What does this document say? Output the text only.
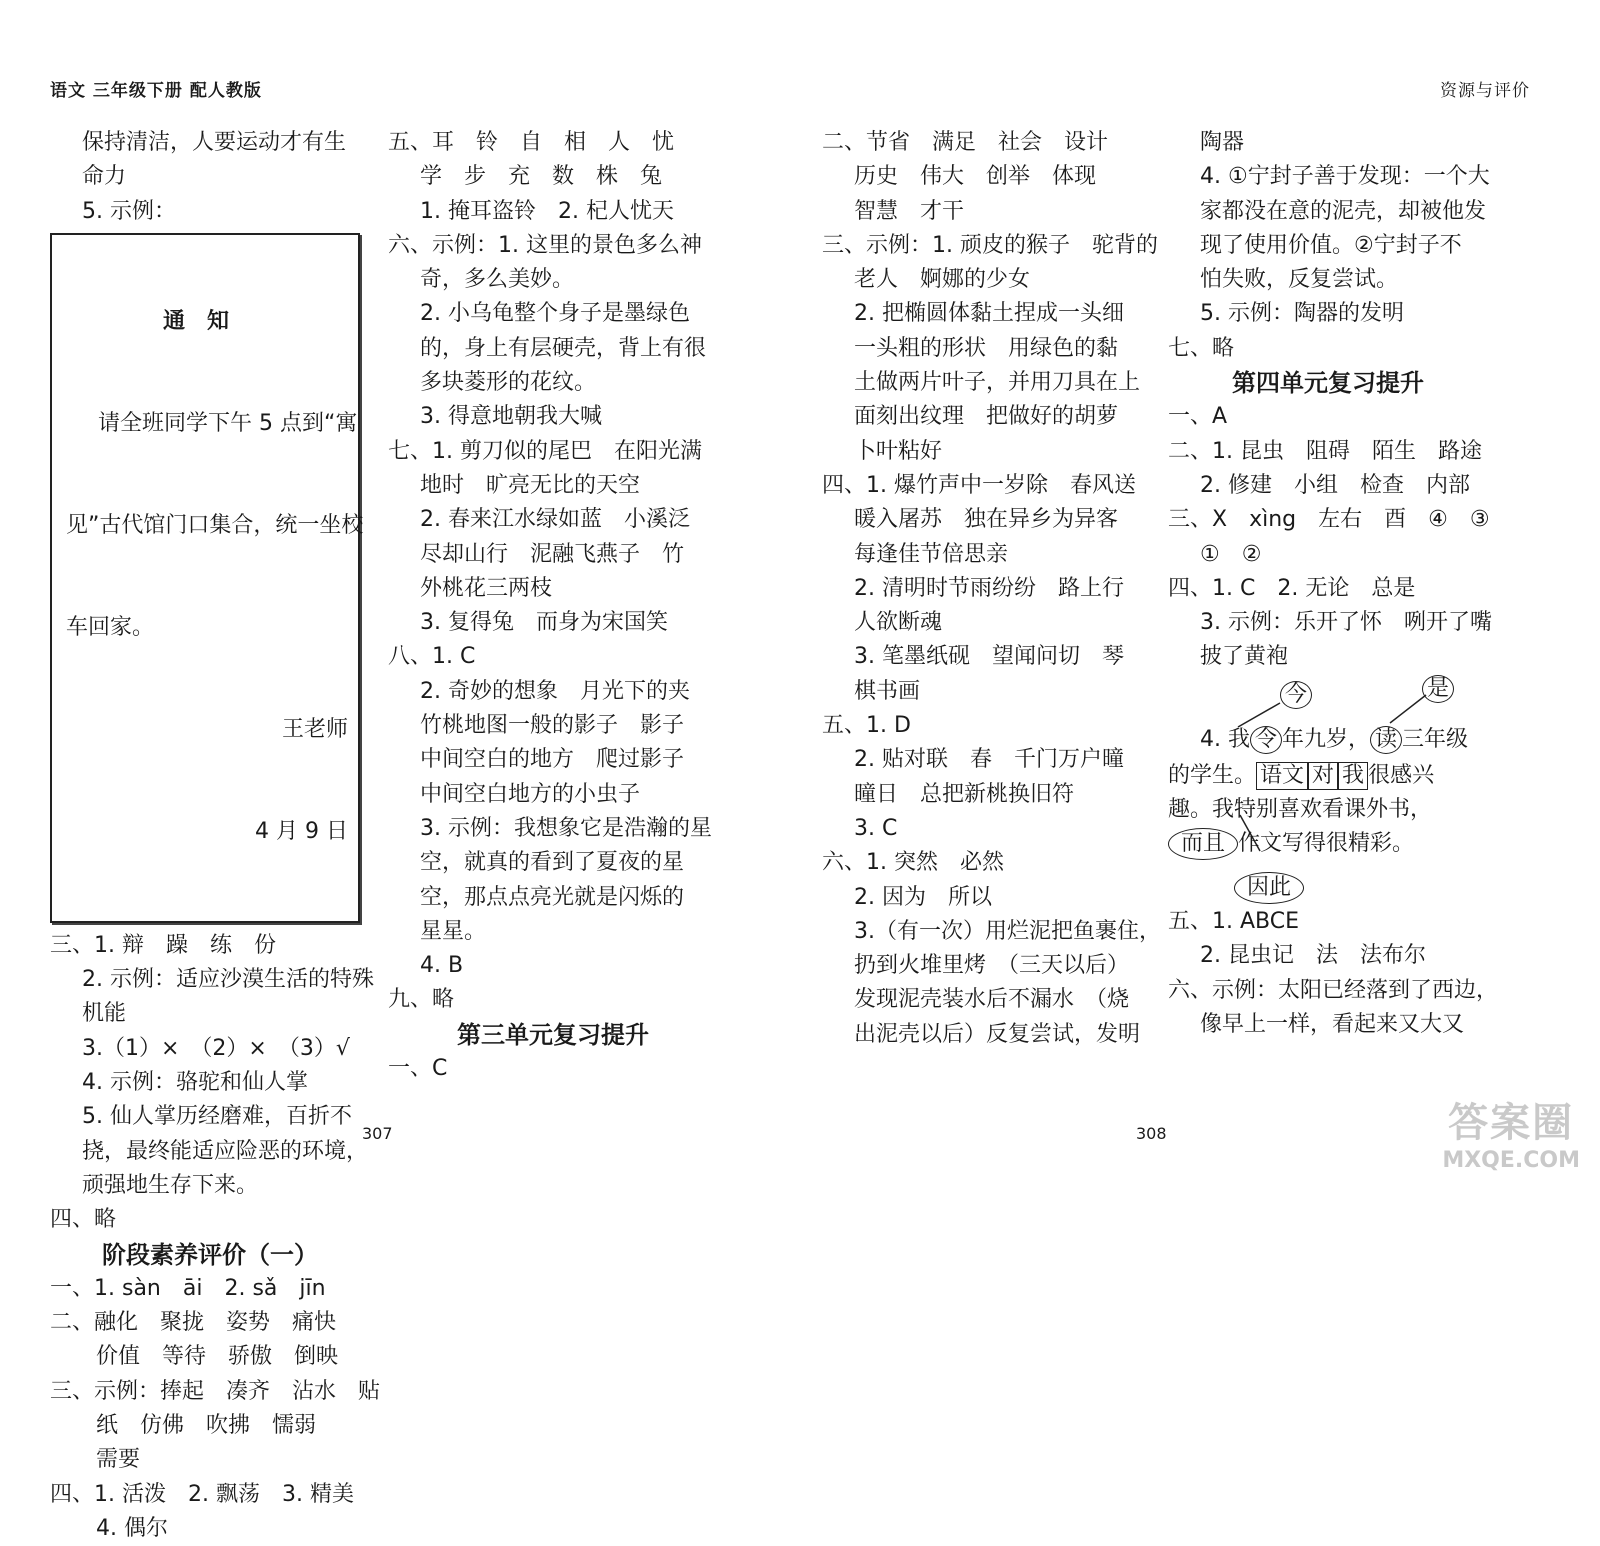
语文 三年级下册 配人教版	资源与评价
保持清洁，人要运动才有生
命力
5. 示例：

通知

请全班同学下午 5 点到“寓

见”古代馆门口集合，统一坐校

车回家。

王老师

4 月 9 日

三、1. 辩　躁　练　份
2. 示例：适应沙漠生活的特殊
机能
3.（1）×　（2）×　（3）√
4. 示例：骆驼和仙人掌
5. 仙人掌历经磨难，百折不
挠，最终能适应险恶的环境，
顽强地生存下来。
四、略
阶段素养评价（一）
一、1. sàn　āi　2. sǎ　jīn
二、融化　聚拢　姿势　痛快
价值　等待　骄傲　倒映
三、示例：捧起　凑齐　沾水　贴
纸　仿佛　吹拂　懦弱
需要
四、1. 活泼　2. 飘荡　3. 精美
4. 偶尔
五、耳　铃　自　相　人　忧
学　步　充　数　株　兔
1. 掩耳盗铃　2. 杞人忧天
六、示例：1. 这里的景色多么神
奇，多么美妙。
2. 小乌龟整个身子是墨绿色
的，身上有层硬壳，背上有很
多块菱形的花纹。
3. 得意地朝我大喊
七、1. 剪刀似的尾巴　在阳光满
地时　旷亮无比的天空
2. 春来江水绿如蓝　小溪泛
尽却山行　泥融飞燕子　竹
外桃花三两枝
3. 复得兔　而身为宋国笑
八、1. C
2. 奇妙的想象　月光下的夹
竹桃地图一般的影子　影子
中间空白的地方　爬过影子
中间空白地方的小虫子
3. 示例：我想象它是浩瀚的星
空，就真的看到了夏夜的星
空，那点点亮光就是闪烁的
星星。
4. B
九、略
第三单元复习提升
一、C
二、节省　满足　社会　设计
历史　伟大　创举　体现
智慧　才干
三、示例：1. 顽皮的猴子　驼背的
老人　婀娜的少女
2. 把椭圆体黏土捏成一头细
一头粗的形状　用绿色的黏
土做两片叶子，并用刀具在上
面刻出纹理　把做好的胡萝
卜叶粘好
四、1. 爆竹声中一岁除　春风送
暖入屠苏　独在异乡为异客
每逢佳节倍思亲
2. 清明时节雨纷纷　路上行
人欲断魂
3. 笔墨纸砚　望闻问切　琴
棋书画
五、1. D
2. 贴对联　春　千门万户曈
曈日　总把新桃换旧符
3. C
六、1. 突然　必然
2. 因为　所以
3.（有一次）用烂泥把鱼裹住，
扔到火堆里烤　（三天以后）
发现泥壳装水后不漏水　（烧
出泥壳以后）反复尝试，发明
陶器
4. ①宁封子善于发现：一个大
家都没在意的泥壳，却被他发
现了使用价值。②宁封子不
怕失败，反复尝试。
5. 示例：陶器的发明
七、略
第四单元复习提升
一、A
二、1. 昆虫　阻碍　陌生　路途
2. 修建　小组　检查　内部
三、X　xìng　左右　酉　④　③
①　②
四、1. C　2. 无论　总是
3. 示例：乐开了怀　咧开了嘴
披了黄袍

今

	是

4. 我 令 年九岁， 读 三年级

的学生。 语文 对 我 很感兴

趣。我特别喜欢看课外书，

而且 作文写得很精彩。

因此
五、1. ABCE
2. 昆虫记　法　法布尔
六、示例：太阳已经落到了西边，
像早上一样，看起来又大又
307	308	答案圈
MXQE.COM
